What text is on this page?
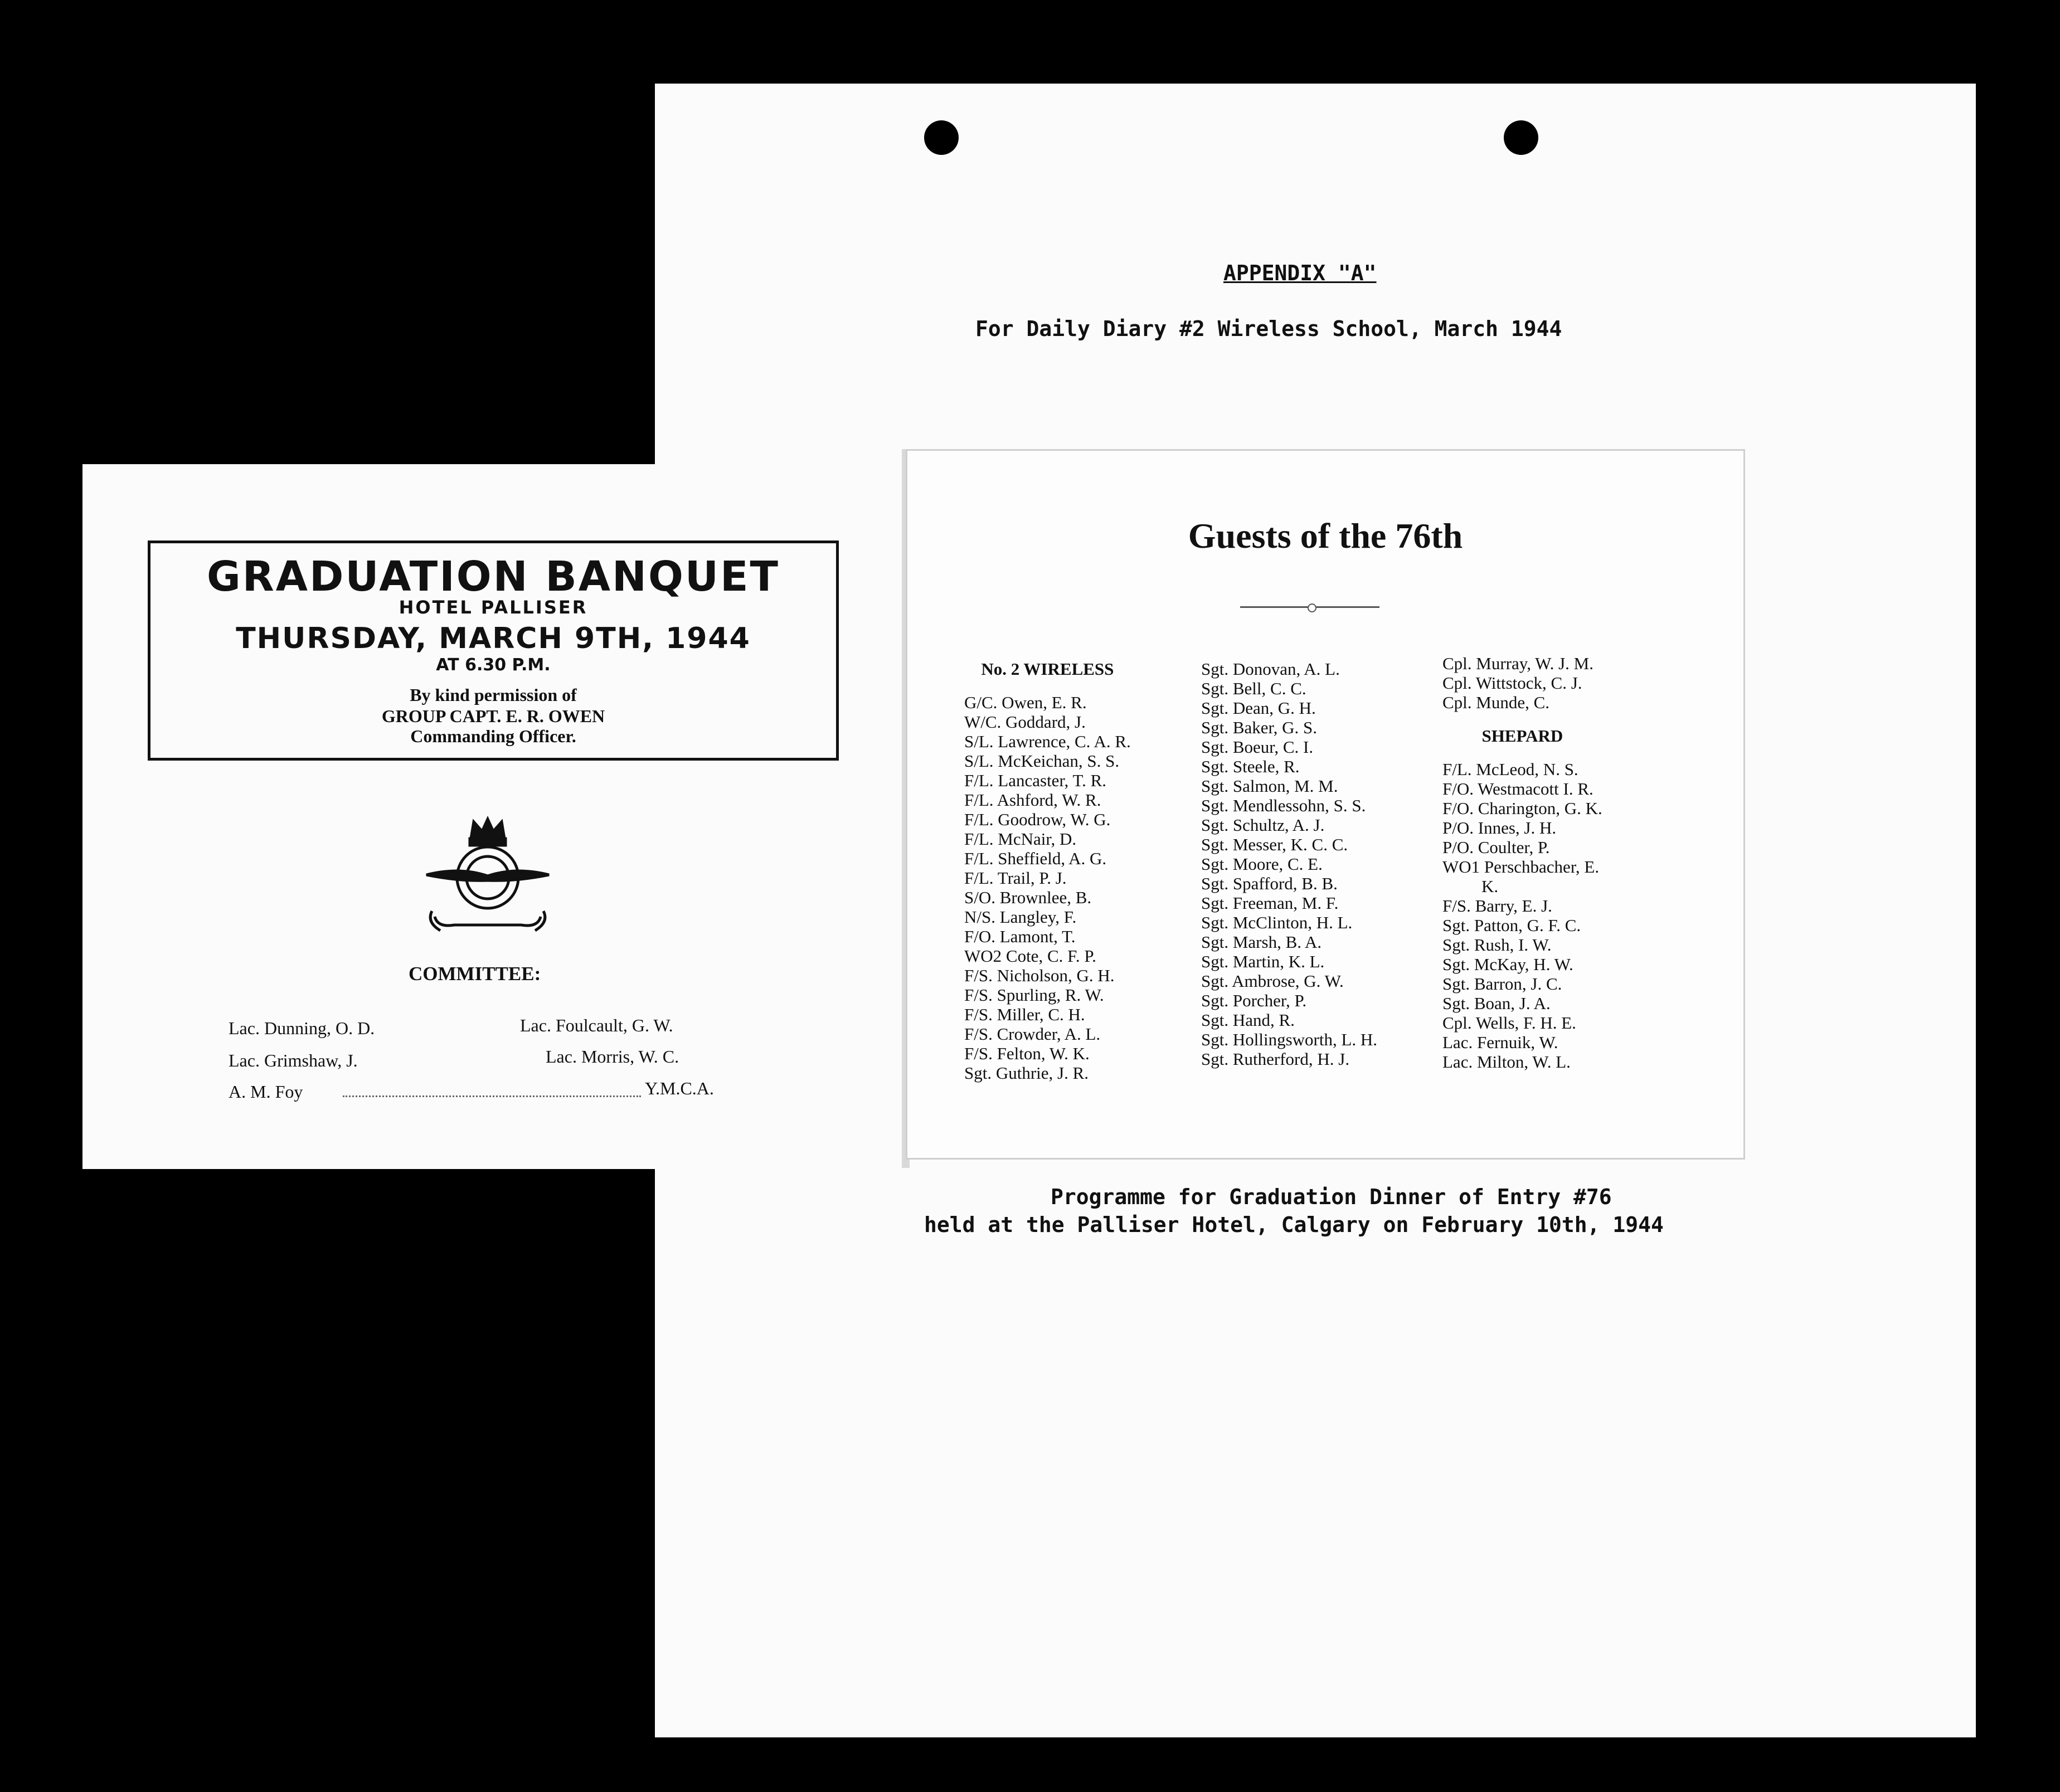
APPENDIX "A"
For Daily Diary #2 Wireless School, March 1944
GRADUATION BANQUET
HOTEL PALLISER
THURSDAY, MARCH 9TH, 1944
AT 6.30 P.M.
By kind permission of
GROUP CAPT. E. R. OWEN
Commanding Officer.
COMMITTEE:
Lac. Dunning, O. D.	Lac. Foulcault, G. W.
Lac. Grimshaw, J.	Lac. Morris, W. C.
A. M. Foy	Y.M.C.A.
Guests of the 76th
No. 2 WIRELESS
G/C. Owen, E. R.
W/C. Goddard, J.
S/L. Lawrence, C. A. R.
S/L. McKeichan, S. S.
F/L. Lancaster, T. R.
F/L. Ashford, W. R.
F/L. Goodrow, W. G.
F/L. McNair, D.
F/L. Sheffield, A. G.
F/L. Trail, P. J.
S/O. Brownlee, B.
N/S. Langley, F.
F/O. Lamont, T.
WO2 Cote, C. F. P.
F/S. Nicholson, G. H.
F/S. Spurling, R. W.
F/S. Miller, C. H.
F/S. Crowder, A. L.
F/S. Felton, W. K.
Sgt. Guthrie, J. R.
Sgt. Donovan, A. L.
Sgt. Bell, C. C.
Sgt. Dean, G. H.
Sgt. Baker, G. S.
Sgt. Boeur, C. I.
Sgt. Steele, R.
Sgt. Salmon, M. M.
Sgt. Mendlessohn, S. S.
Sgt. Schultz, A. J.
Sgt. Messer, K. C. C.
Sgt. Moore, C. E.
Sgt. Spafford, B. B.
Sgt. Freeman, M. F.
Sgt. McClinton, H. L.
Sgt. Marsh, B. A.
Sgt. Martin, K. L.
Sgt. Ambrose, G. W.
Sgt. Porcher, P.
Sgt. Hand, R.
Sgt. Hollingsworth, L. H.
Sgt. Rutherford, H. J.
Cpl. Murray, W. J. M.
Cpl. Wittstock, C. J.
Cpl. Munde, C.
SHEPARD
F/L. McLeod, N. S.
F/O. Westmacott I. R.
F/O. Charington, G. K.
P/O. Innes, J. H.
P/O. Coulter, P.
WO1 Perschbacher, E.
K.
F/S. Barry, E. J.
Sgt. Patton, G. F. C.
Sgt. Rush, I. W.
Sgt. McKay, H. W.
Sgt. Barron, J. C.
Sgt. Boan, J. A.
Cpl. Wells, F. H. E.
Lac. Fernuik, W.
Lac. Milton, W. L.
Programme for Graduation Dinner of Entry #76
held at the Palliser Hotel, Calgary on February 10th, 1944
